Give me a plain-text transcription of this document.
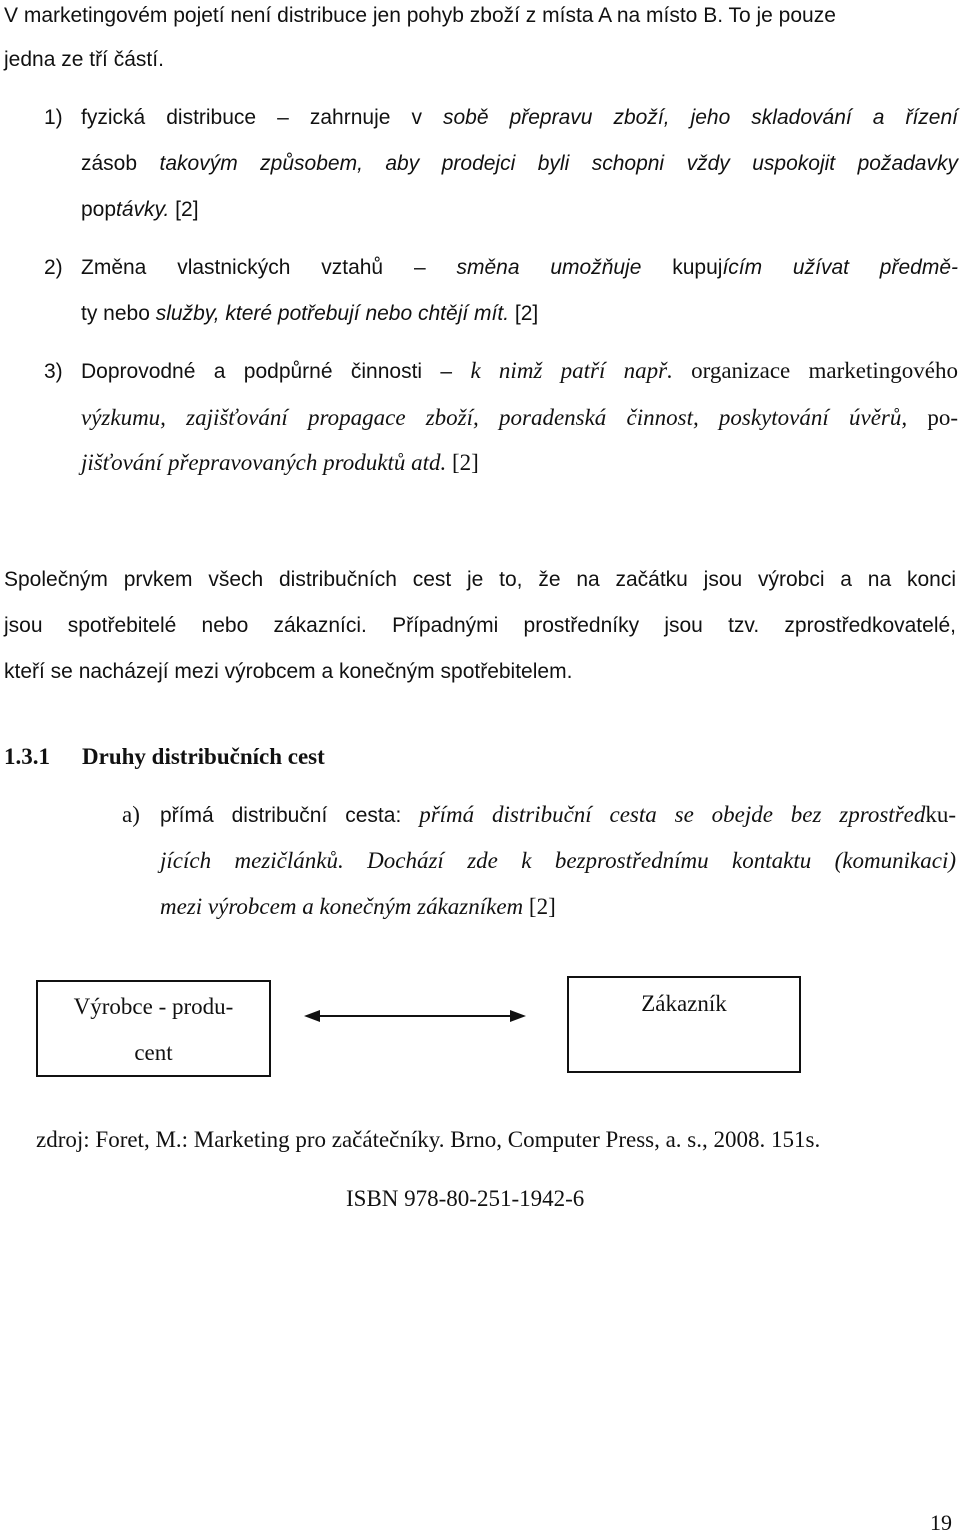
V marketingovém pojetí není distribuce jen pohyb zboží z místa A na místo B. To je pouze
jedna ze tří částí.
1) fyzická distribuce – zahrnuje v sobě přepravu zboží, jeho skladování a řízení
zásob takovým způsobem, aby prodejci byli schopni vždy uspokojit požadavky
poptávky. [2]
2) Změna vlastnických vztahů – směna umožňuje kupujícím užívat předmě-
ty nebo služby, které potřebují nebo chtějí mít. [2]
3) Doprovodné a podpůrné činnosti – k nimž patří např. organizace marketingového
výzkumu, zajišťování propagace zboží, poradenská činnost, poskytování úvěrů, po-
jišťování přepravovaných produktů atd. [2]
Společným prvkem všech distribučních cest je to, že na začátku jsou výrobci a na konci
jsou spotřebitelé nebo zákazníci. Případnými prostředníky jsou tzv. zprostředkovatelé,
kteří se nacházejí mezi výrobcem a konečným spotřebitelem.
1.3.1 Druhy distribučních cest
a) přímá distribuční cesta: přímá distribuční cesta se obejde bez zprostředku-
jících mezičlánků. Dochází zde k bezprostřednímu kontaktu (komunikaci)
mezi výrobcem a konečným zákazníkem [2]
Výrobce - produ-
cent
Zákazník
zdroj: Foret, M.: Marketing pro začátečníky. Brno, Computer Press, a. s., 2008. 151s.
ISBN 978-80-251-1942-6
19
